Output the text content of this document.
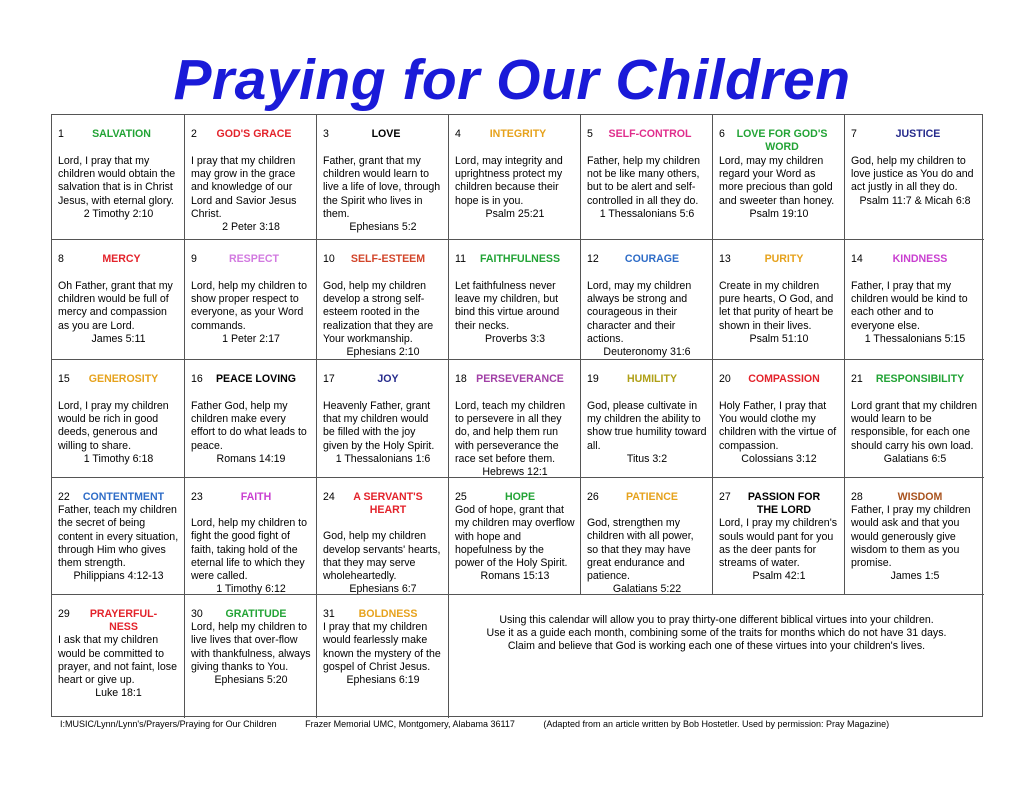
Praying for Our Children
Using this calendar will allow you to pray thirty-one different biblical virtues into your children.
Use it as a guide each month, combining some of the traits for months which do not have 31 days.
Claim and believe that God is working each one of these virtues into your children's lives.
1	SALVATION
Lord, I pray that my children would obtain the salvation that is in Christ Jesus, with eternal glory.
2 Timothy 2:10
2	GOD'S GRACE
I pray that my children may grow in the grace and knowledge of our Lord and Savior Jesus Christ.
2 Peter 3:18
3	LOVE
Father, grant that my children would learn to live a life of love, through the Spirit who lives in them.
Ephesians 5:2
4	INTEGRITY
Lord, may integrity and uprightness protect my children because their hope is in you.
Psalm 25:21
5	SELF-CONTROL
Father, help my children not be like many others, but to be alert and self-controlled in all they do.
1 Thessalonians 5:6
6	LOVE FOR GOD'S WORD
Lord, may my children regard your Word as more precious than gold and sweeter than honey.
Psalm 19:10
7	JUSTICE
God, help my children to love justice as You do and act justly in all they do.
Psalm 11:7 & Micah 6:8
8	MERCY
Oh Father, grant that my children would be full of mercy and compassion as you are Lord.
James 5:11
9	RESPECT
Lord, help my children to show proper respect to everyone, as your Word commands.
1 Peter 2:17
10	SELF-ESTEEM
God, help my children develop a strong self-esteem rooted in the realization that they are Your workmanship.
Ephesians 2:10
11	FAITHFULNESS
Let faithfulness never leave my children, but bind this virtue around their necks.
Proverbs 3:3
12	COURAGE
Lord, may my children always be strong and courageous in their character and their actions.
Deuteronomy 31:6
13	PURITY
Create in my children pure hearts, O God, and let that purity of heart be shown in their lives.
Psalm 51:10
14	KINDNESS
Father, I pray that my children would be kind to each other and to everyone else.
1 Thessalonians 5:15
15	GENEROSITY
Lord, I pray my children would be rich in good deeds, generous and willing to share.
1 Timothy 6:18
16	PEACE LOVING
Father God, help my children make every effort to do what leads to peace.
Romans 14:19
17	JOY
Heavenly Father, grant that my children would be filled with the joy given by the Holy Spirit.
1 Thessalonians 1:6
18 PERSEVERANCE
Lord, teach my children to persevere in all they do, and help them run with perseverance the race set before them.
Hebrews 12:1
19	HUMILITY
God, please cultivate in my children the ability to show true humility toward all.
Titus 3:2
20	COMPASSION
Holy Father, I pray that You would clothe my children with the virtue of compassion.
Colossians 3:12
21	RESPONSIBILITY
Lord grant that my children would learn to be responsible, for each one should carry his own load.
Galatians 6:5
22	CONTENTMENT
Father, teach my children the secret of being content in every situation, through Him who gives them strength.
Philippians 4:12-13
23	FAITH
Lord, help my children to fight the good fight of faith, taking hold of the eternal life to which they were called.
1 Timothy 6:12
24	A SERVANT'S HEART
God, help my children develop servants' hearts, that they may serve wholeheartedly.
Ephesians 6:7
25	HOPE
God of hope, grant that my children may overflow with hope and hopefulness by the power of the Holy Spirit.
Romans 15:13
26	PATIENCE
God, strengthen my children with all power, so that they may have great endurance and patience.
Galatians 5:22
27	PASSION FOR THE LORD
Lord, I pray my children's souls would pant for you as the deer pants for streams of water.
Psalm 42:1
28	WISDOM
Father, I pray my children would ask and that you would generously give wisdom to them as you promise.
James 1:5
29	PRAYERFUL-NESS
I ask that my children would be committed to prayer, and not faint, lose heart or give up.
Luke 18:1
30	GRATITUDE
Lord, help my children to live lives that over-flow with thankfulness, always giving thanks to You.
Ephesians 5:20
31	BOLDNESS
I pray that my children would fearlessly make known the mystery of the gospel of Christ Jesus.
Ephesians 6:19
I:MUSIC/Lynn/Lynn's/Prayers/Praying for Our Children	Frazer Memorial UMC, Montgomery, Alabama 36117	(Adapted from an article written by Bob Hostetler. Used by permission: Pray Magazine)
